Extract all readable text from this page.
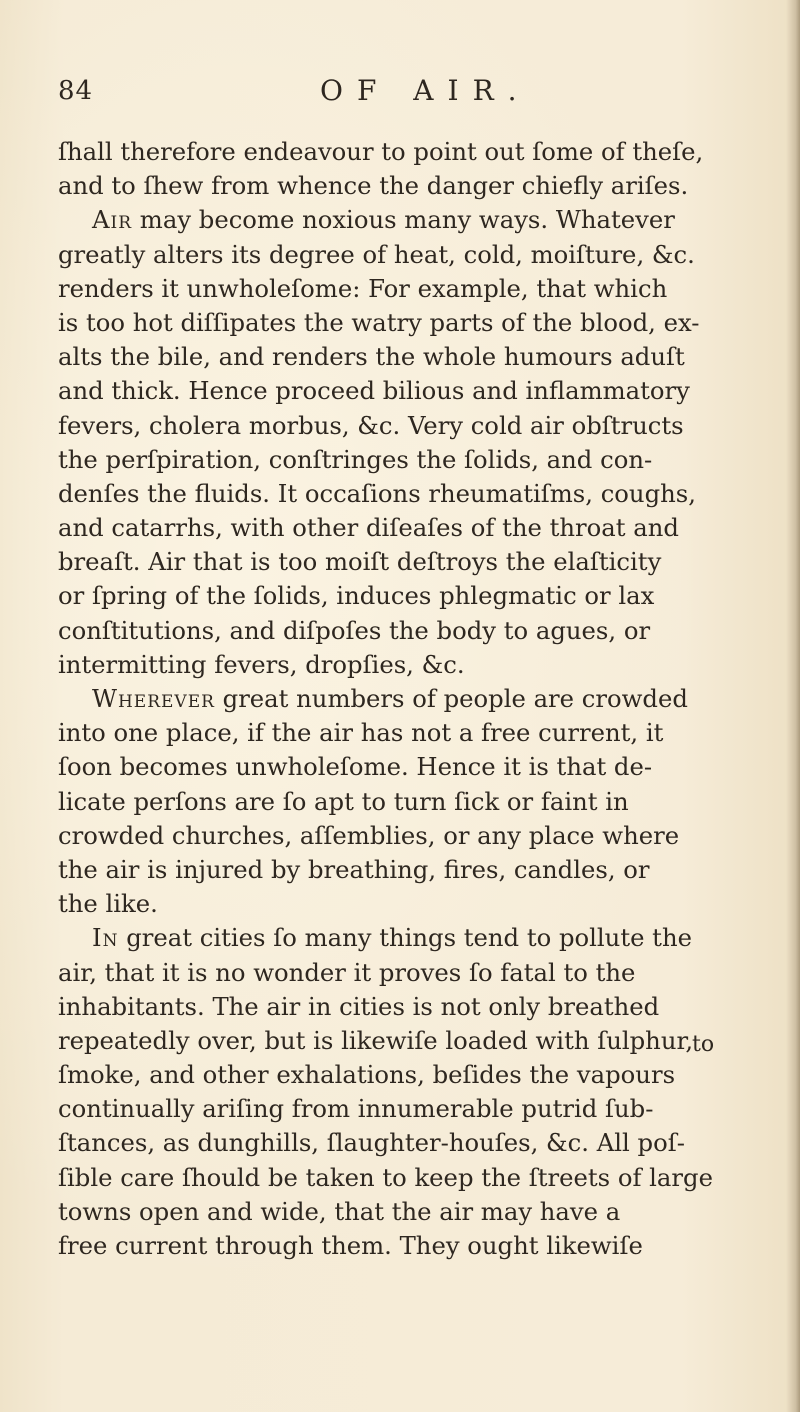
84	OF AIR.
ſhall therefore endeavour to point out ſome of theſe,
and to ſhew from whence the danger chiefly ariſes.
Air may become noxious many ways. Whatever
greatly alters its degree of heat, cold, moiſture, &c.
renders it unwholeſome: For example, that which
is too hot diſſipates the watry parts of the blood, ex-
alts the bile, and renders the whole humours aduſt
and thick. Hence proceed bilious and inflammatory
fevers, cholera morbus, &c. Very cold air obſtructs
the perſpiration, conſtringes the ſolids, and con-
denſes the fluids. It occaſions rheumatiſms, coughs,
and catarrhs, with other diſeaſes of the throat and
breaſt. Air that is too moiſt deſtroys the elaſticity
or ſpring of the ſolids, induces phlegmatic or lax
conſtitutions, and diſpoſes the body to agues, or
intermitting fevers, dropſies, &c.
Wherever great numbers of people are crowded
into one place, if the air has not a free current, it
ſoon becomes unwholeſome. Hence it is that de-
licate perſons are ſo apt to turn ſick or faint in
crowded churches, aſſemblies, or any place where
the air is injured by breathing, fires, candles, or
the like.
In great cities ſo many things tend to pollute the
air, that it is no wonder it proves ſo fatal to the
inhabitants. The air in cities is not only breathed
repeatedly over, but is likewiſe loaded with ſulphur,
ſmoke, and other exhalations, beſides the vapours
continually ariſing from innumerable putrid ſub-
ſtances, as dunghills, ſlaughter-houſes, &c. All poſ-
ſible care ſhould be taken to keep the ſtreets of large
towns open and wide, that the air may have a
free current through them. They ought likewiſe
to
